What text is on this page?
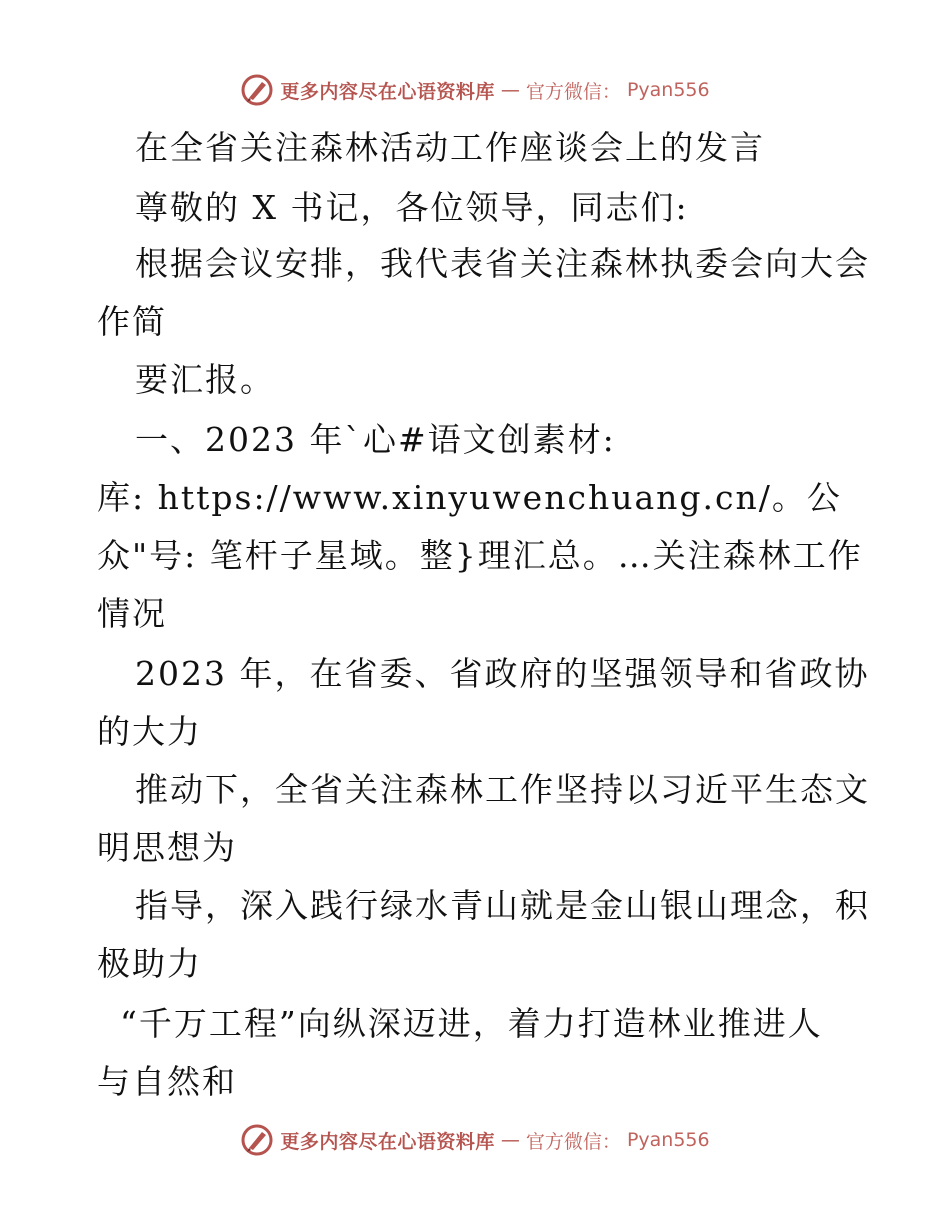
更多内容尽在心语资料库 — 官方微信： Pyan556
在全省关注森林活动工作座谈会上的发言
尊敬的 X 书记，各位领导，同志们:
根据会议安排，我代表省关注森林执委会向大会
作简
要汇报。
一、2023 年`心#语文创素材:
库: https://www.xinyuwenchuang.cn/。公
众"号: 笔杆子星域。整}理汇总。…关注森林工作
情况
2023 年，在省委、省政府的坚强领导和省政协
的大力
推动下，全省关注森林工作坚持以习近平生态文
明思想为
指导，深入践行绿水青山就是金山银山理念，积
极助力
“千万工程”向纵深迈进，着力打造林业推进人
与自然和
更多内容尽在心语资料库 — 官方微信： Pyan556
